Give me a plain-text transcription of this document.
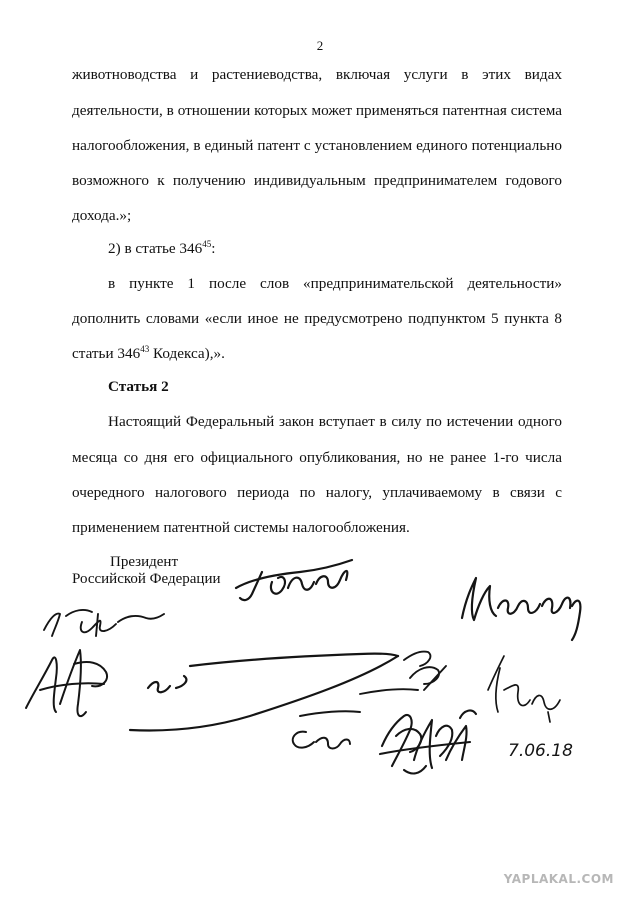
2
животноводства и растениеводства, включая услуги в этих видах
деятельности, в отношении которых может применяться патентная система
налогообложения, в единый патент с установлением единого потенциально
возможного к получению индивидуальным предпринимателем годового
дохода.»;
2) в статье $346^{45}$:
в пункте 1 после слов «предпринимательской деятельности»
дополнить словами «если иное не предусмотрено подпунктом 5 пункта 8
статьи $346^{43}$ Кодекса),».
Статья 2
Настоящий Федеральный закон вступает в силу по истечении одного
месяца со дня его официального опубликования, но не ранее 1-го числа
очередного налогового периода по налогу, уплачиваемому в связи с
применением патентной системы налогообложения.
Президент
Российской Федерации
7.06.18
YAPLAKAL.COM
